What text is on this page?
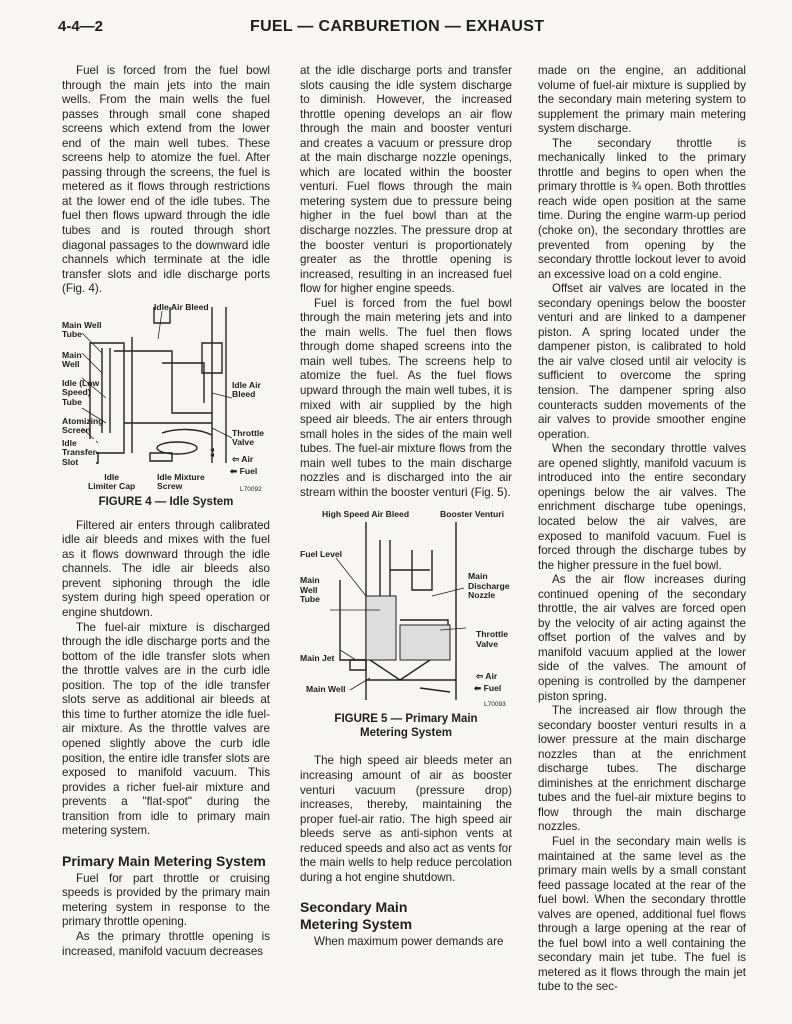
4-4—2	FUEL — CARBURETION — EXHAUST

Fuel is forced from the fuel bowl through the main jets into the main wells. From the main wells the fuel passes through small cone shaped screens which extend from the lower end of the main well tubes. These screens help to atomize the fuel. After passing through the screens, the fuel is metered as it flows through restrictions at the lower end of the idle tubes. The fuel then flows upward through the idle tubes and is routed through short diagonal passages to the downward idle channels which terminate at the idle transfer slots and idle discharge ports (Fig. 4).

Idle Air Bleed
Main Well
Tube
Main
Well
Idle (Low
Speed)
Tube
Atomizing
Screen
Idle
Transfer
Slot
Idle Air
Bleed
Throttle
Valve
Idle
Limiter Cap
Idle Mixture
Screw
⇦ Air
⬅ Fuel
L70092
FIGURE 4 — Idle System

Filtered air enters through calibrated idle air bleeds and mixes with the fuel as it flows downward through the idle channels. The idle air bleeds also prevent siphoning through the idle system during high speed operation or engine shutdown.

The fuel-air mixture is discharged through the idle discharge ports and the bottom of the idle transfer slots when the throttle valves are in the curb idle position. The top of the idle transfer slots serve as additional air bleeds at this time to further atomize the idle fuel-air mixture. As the throttle valves are opened slightly above the curb idle position, the entire idle transfer slots are exposed to manifold vacuum. This provides a richer fuel-air mixture and prevents a "flat-spot" during the transition from idle to primary main metering system.

Primary Main Metering System

Fuel for part throttle or cruising speeds is provided by the primary main metering system in response to the primary throttle opening.

As the primary throttle opening is increased, manifold vacuum decreases

at the idle discharge ports and transfer slots causing the idle system discharge to diminish. However, the increased throttle opening develops an air flow through the main and booster venturi and creates a vacuum or pressure drop at the main discharge nozzle openings, which are located within the booster venturi. Fuel flows through the main metering system due to pressure being higher in the fuel bowl than at the discharge nozzles. The pressure drop at the booster venturi is proportionately greater as the throttle opening is increased, resulting in an increased fuel flow for higher engine speeds.

Fuel is forced from the fuel bowl through the main metering jets and into the main wells. The fuel then flows through dome shaped screens into the main well tubes. The screens help to atomize the fuel. As the fuel flows upward through the main well tubes, it is mixed with air supplied by the high speed air bleeds. The air enters through small holes in the sides of the main well tubes. The fuel-air mixture flows from the main well tubes to the main discharge nozzles and is discharged into the air stream within the booster venturi (Fig. 5).

High Speed Air Bleed	Booster Venturi
Fuel Level
Main
Well
Tube
Main
Discharge
Nozzle
Throttle
Valve
Main Jet
Main Well
⇦ Air
⬅ Fuel
L70093
FIGURE 5 — Primary Main Metering System

The high speed air bleeds meter an increasing amount of air as booster venturi vacuum (pressure drop) increases, thereby, maintaining the proper fuel-air ratio. The high speed air bleeds serve as anti-siphon vents at reduced speeds and also act as vents for the main wells to help reduce percolation during a hot engine shutdown.

Secondary Main Metering System

When maximum power demands are

made on the engine, an additional volume of fuel-air mixture is supplied by the secondary main metering system to supplement the primary main metering system discharge.

The secondary throttle is mechanically linked to the primary throttle and begins to open when the primary throttle is ¾ open. Both throttles reach wide open position at the same time. During the engine warm-up period (choke on), the secondary throttles are prevented from opening by the secondary throttle lockout lever to avoid an excessive load on a cold engine.

Offset air valves are located in the secondary openings below the booster venturi and are linked to a dampener piston. A spring located under the dampener piston, is calibrated to hold the air valve closed until air velocity is sufficient to overcome the spring tension. The dampener spring also counteracts sudden movements of the air valves to provide smoother engine operation.

When the secondary throttle valves are opened slightly, manifold vacuum is introduced into the entire secondary openings below the air valves. The enrichment discharge tube openings, located below the air valves, are exposed to manifold vacuum. Fuel is forced through the discharge tubes by the higher pressure in the fuel bowl.

As the air flow increases during continued opening of the secondary throttle, the air valves are forced open by the velocity of air acting against the offset portion of the valves and by manifold vacuum applied at the lower side of the valves. The amount of opening is controlled by the dampener piston spring.

The increased air flow through the secondary booster venturi results in a lower pressure at the main discharge nozzles than at the enrichment discharge tubes. The discharge diminishes at the enrichment discharge tubes and the fuel-air mixture begins to flow through the main discharge nozzles.

Fuel in the secondary main wells is maintained at the same level as the primary main wells by a small constant feed passage located at the rear of the fuel bowl. When the secondary throttle valves are opened, additional fuel flows through a large opening at the rear of the fuel bowl into a well containing the secondary main jet tube. The fuel is metered as it flows through the main jet tube to the sec-
